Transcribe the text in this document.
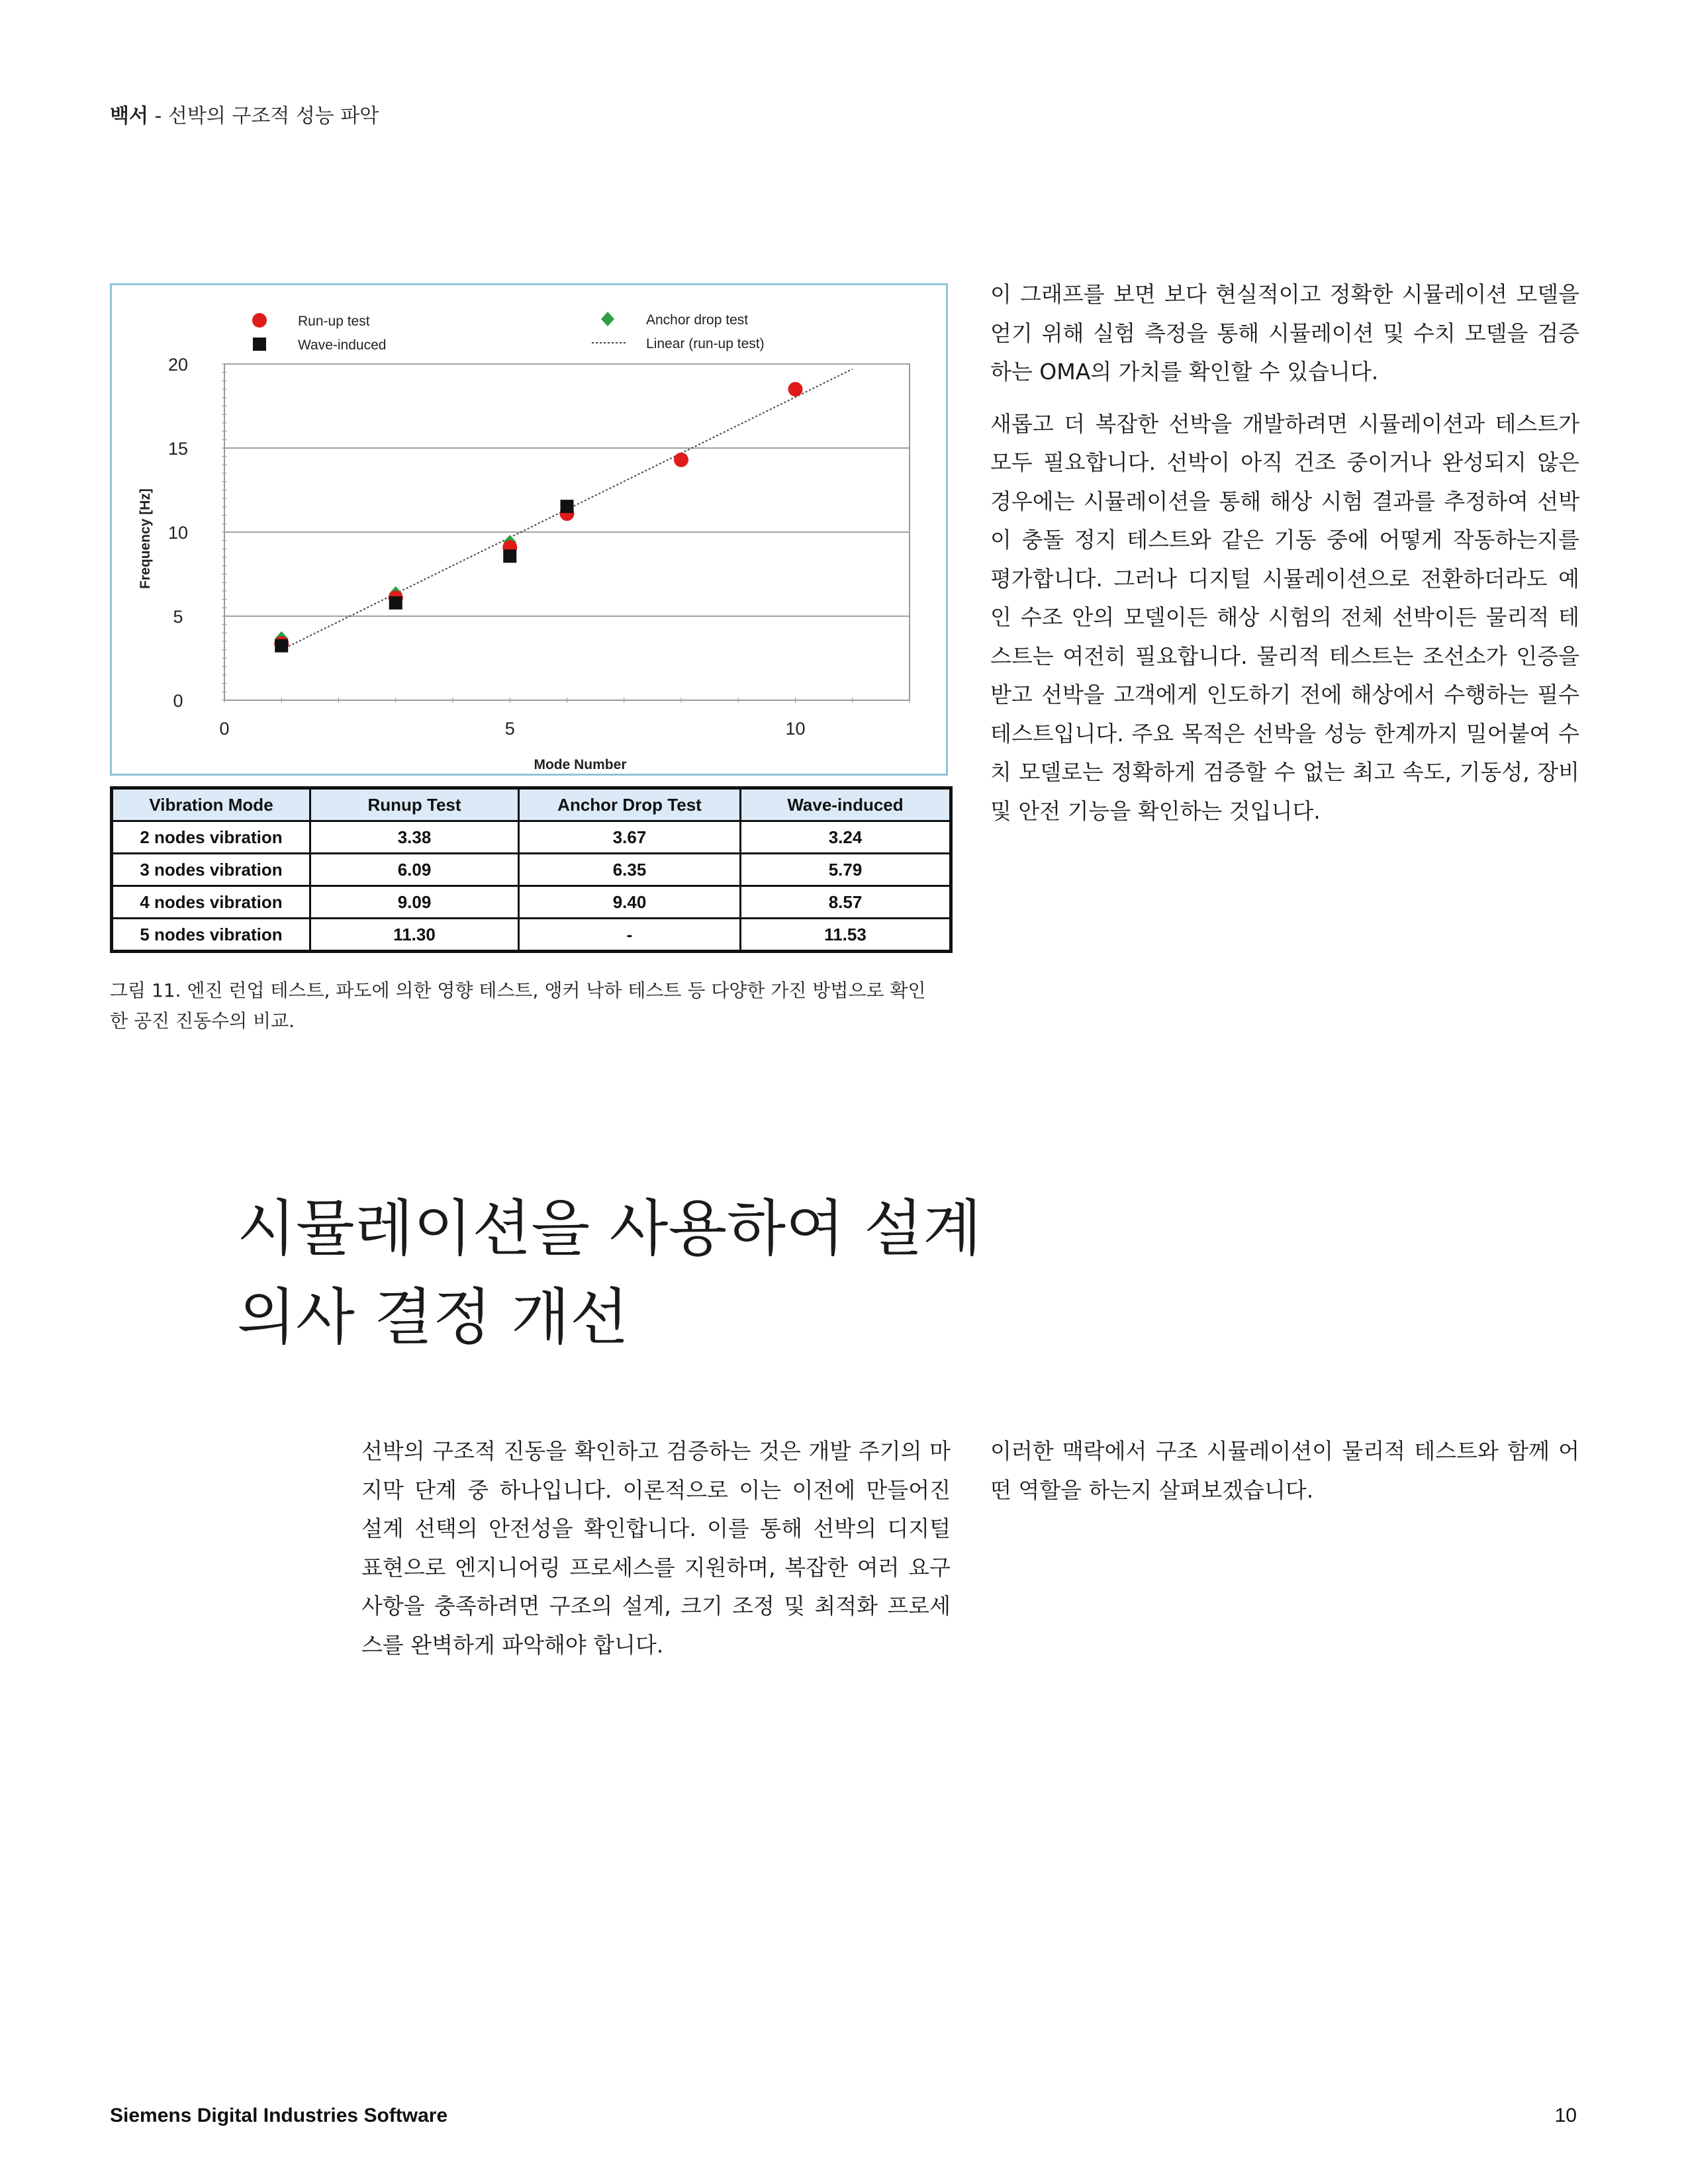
백서 - 선박의 구조적 성능 파악
0
5
10
15
20
0	5	10
Mode Number
Frequency [Hz]
Run-up test
Wave-induced
Anchor drop test
Linear (run-up test)
Vibration Mode	Runup Test	Anchor Drop Test	Wave-induced
2 nodes vibration	3.38	3.67	3.24
3 nodes vibration	6.09	6.35	5.79
4 nodes vibration	9.09	9.40	8.57
5 nodes vibration	11.30	-	11.53
그림 11. 엔진 런업 테스트, 파도에 의한 영향 테스트, 앵커 낙하 테스트 등 다양한 가진 방법으로 확인한 공진 진동수의 비교.

이 그래프를 보면 보다 현실적이고 정확한 시뮬레이션 모델을 얻기 위해 실험 측정을 통해 시뮬레이션 및 수치 모델을 검증하는 OMA의 가치를 확인할 수 있습니다.

새롭고 더 복잡한 선박을 개발하려면 시뮬레이션과 테스트가 모두 필요합니다. 선박이 아직 건조 중이거나 완성되지 않은 경우에는 시뮬레이션을 통해 해상 시험 결과를 추정하여 선박이 충돌 정지 테스트와 같은 기동 중에 어떻게 작동하는지를 평가합니다. 그러나 디지털 시뮬레이션으로 전환하더라도 예인 수조 안의 모델이든 해상 시험의 전체 선박이든 물리적 테스트는 여전히 필요합니다. 물리적 테스트는 조선소가 인증을 받고 선박을 고객에게 인도하기 전에 해상에서 수행하는 필수 테스트입니다. 주요 목적은 선박을 성능 한계까지 밀어붙여 수치 모델로는 정확하게 검증할 수 없는 최고 속도, 기동성, 장비 및 안전 기능을 확인하는 것입니다.

시뮬레이션을 사용하여 설계 의사 결정 개선

선박의 구조적 진동을 확인하고 검증하는 것은 개발 주기의 마지막 단계 중 하나입니다. 이론적으로 이는 이전에 만들어진 설계 선택의 안전성을 확인합니다. 이를 통해 선박의 디지털 표현으로 엔지니어링 프로세스를 지원하며, 복잡한 여러 요구사항을 충족하려면 구조의 설계, 크기 조정 및 최적화 프로세스를 완벽하게 파악해야 합니다.

이러한 맥락에서 구조 시뮬레이션이 물리적 테스트와 함께 어떤 역할을 하는지 살펴보겠습니다.

Siemens Digital Industries Software	10
